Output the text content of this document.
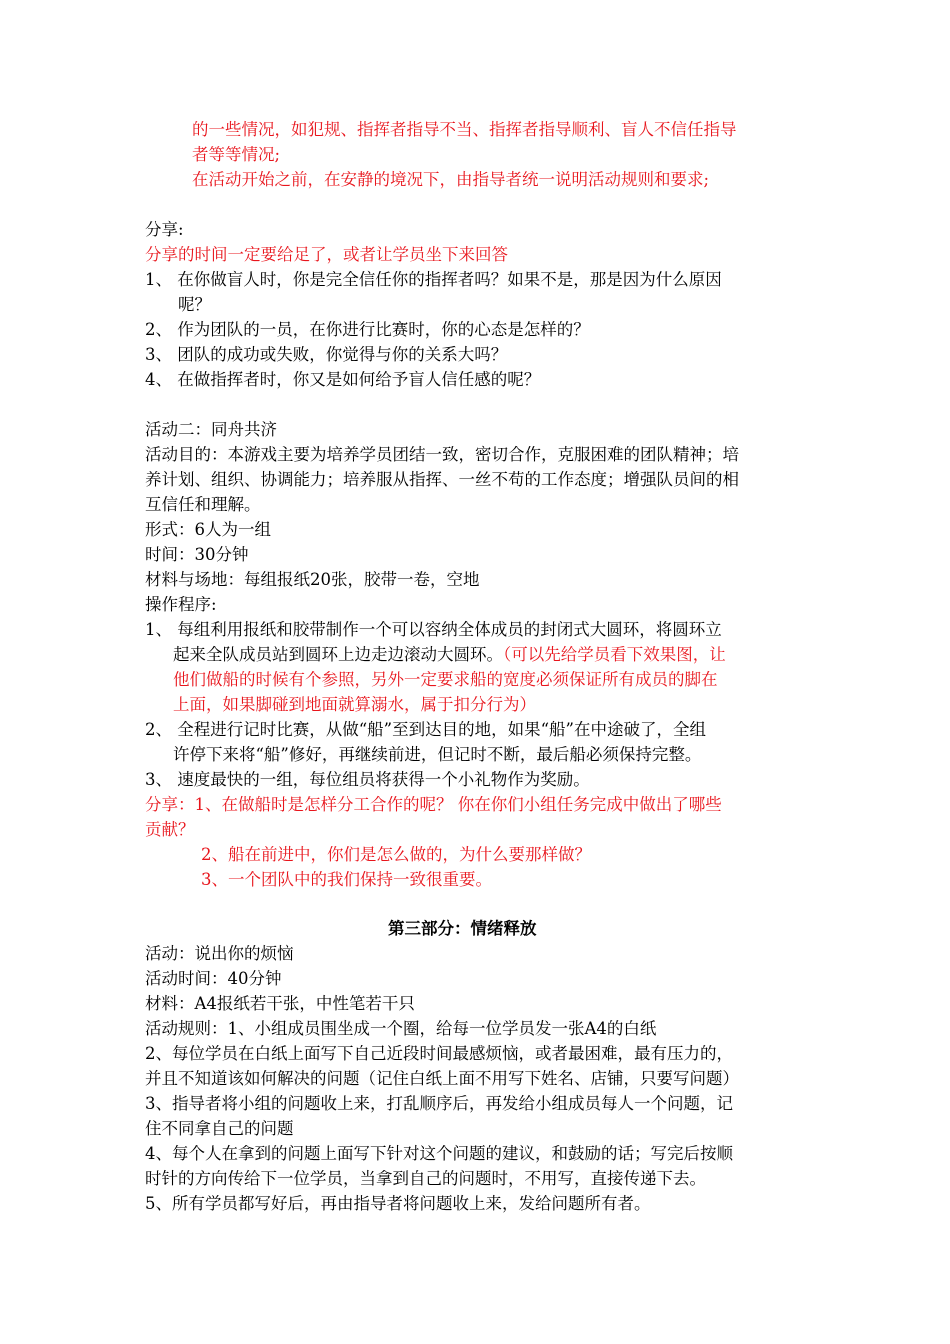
的一些情况，如犯规、指挥者指导不当、指挥者指导顺利、盲人不信任指导
者等等情况;
在活动开始之前，在安静的境况下，由指导者统一说明活动规则和要求;
分享:
分享的时间一定要给足了，或者让学员坐下来回答
1、 在你做盲人时，你是完全信任你的指挥者吗？如果不是，那是因为什么原因
呢？
2、 作为团队的一员，在你进行比赛时，你的心态是怎样的？
3、 团队的成功或失败，你觉得与你的关系大吗？
4、 在做指挥者时，你又是如何给予盲人信任感的呢？
活动二：同舟共济
活动目的：本游戏主要为培养学员团结一致，密切合作，克服困难的团队精神；培
养计划、组织、协调能力；培养服从指挥、一丝不苟的工作态度；增强队员间的相
互信任和理解。
形式：6人为一组
时间：30分钟
材料与场地：每组报纸20张，胶带一卷，空地
操作程序:
1、 每组利用报纸和胶带制作一个可以容纳全体成员的封闭式大圆环，将圆环立
起来全队成员站到圆环上边走边滚动大圆环。（可以先给学员看下效果图，让
他们做船的时候有个参照，另外一定要求船的宽度必须保证所有成员的脚在
上面，如果脚碰到地面就算溺水，属于扣分行为）
2、 全程进行记时比赛，从做“船”至到达目的地，如果“船”在中途破了，全组
许停下来将“船”修好，再继续前进，但记时不断，最后船必须保持完整。
3、 速度最快的一组，每位组员将获得一个小礼物作为奖励。
分享：1、在做船时是怎样分工合作的呢？ 你在你们小组任务完成中做出了哪些
贡献？
2、船在前进中，你们是怎么做的，为什么要那样做？
3、一个团队中的我们保持一致很重要。
第三部分：情绪释放
活动：说出你的烦恼
活动时间：40分钟
材料：A4报纸若干张，中性笔若干只
活动规则：1、小组成员围坐成一个圈，给每一位学员发一张A4的白纸
2、每位学员在白纸上面写下自己近段时间最感烦恼，或者最困难，最有压力的，
并且不知道该如何解决的问题（记住白纸上面不用写下姓名、店铺，只要写问题）
3、指导者将小组的问题收上来，打乱顺序后，再发给小组成员每人一个问题，记
住不同拿自己的问题
4、每个人在拿到的问题上面写下针对这个问题的建议，和鼓励的话；写完后按顺
时针的方向传给下一位学员，当拿到自己的问题时，不用写，直接传递下去。
5、所有学员都写好后，再由指导者将问题收上来，发给问题所有者。
